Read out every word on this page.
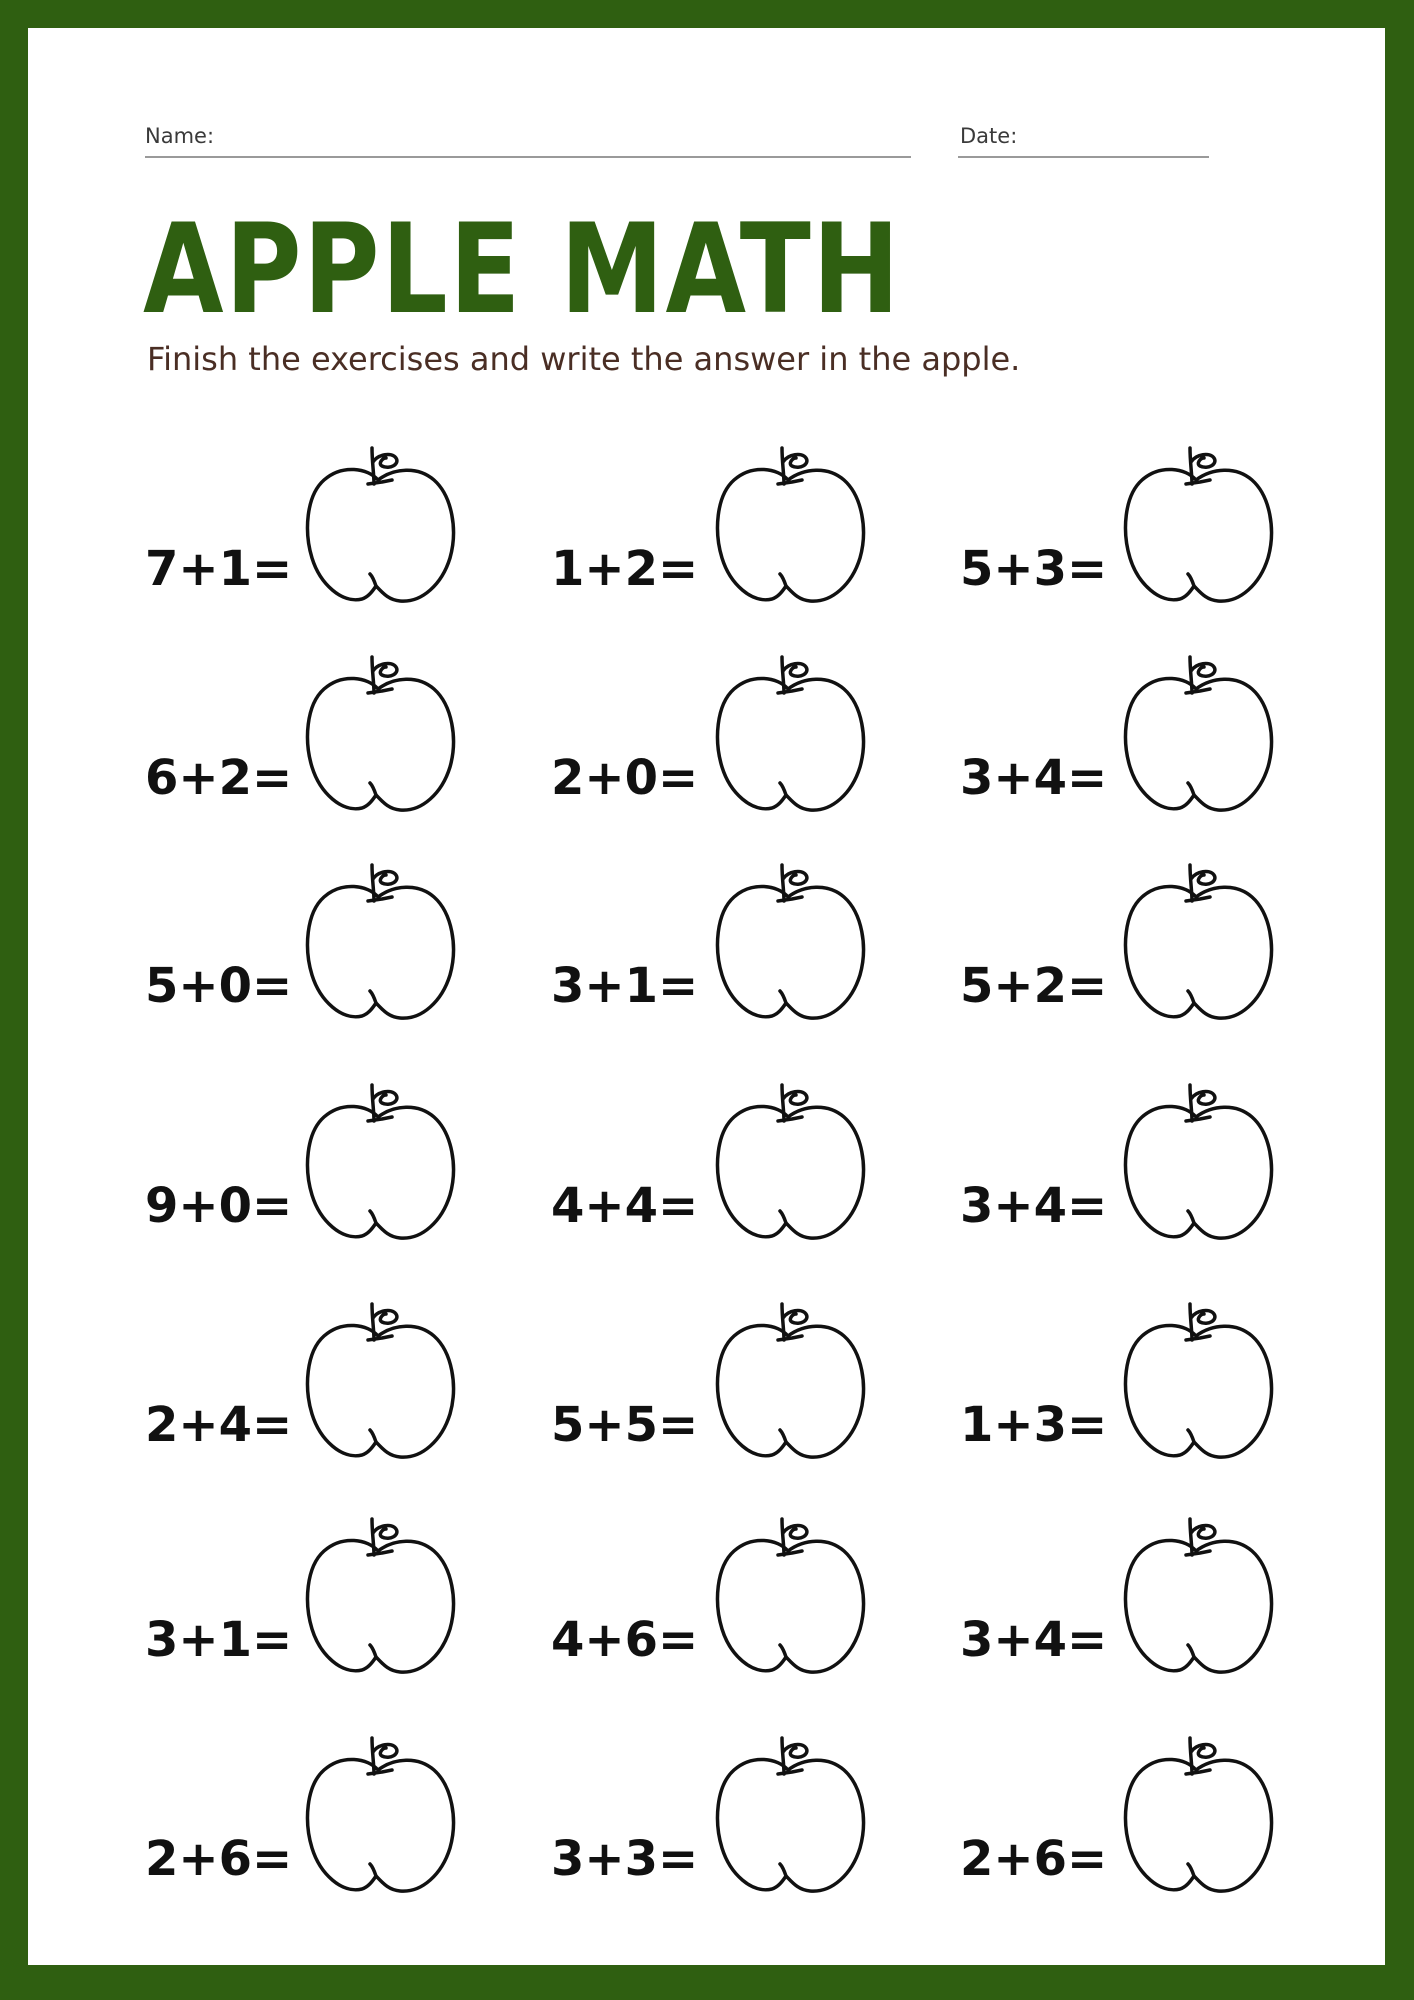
Name:	Date:
APPLE MATH
Finish the exercises and write the answer in the apple.
7+1=	1+2=	5+3=
6+2=	2+0=	3+4=
5+0=	3+1=	5+2=
9+0=	4+4=	3+4=
2+4=	5+5=	1+3=
3+1=	4+6=	3+4=
2+6=	3+3=	2+6=
